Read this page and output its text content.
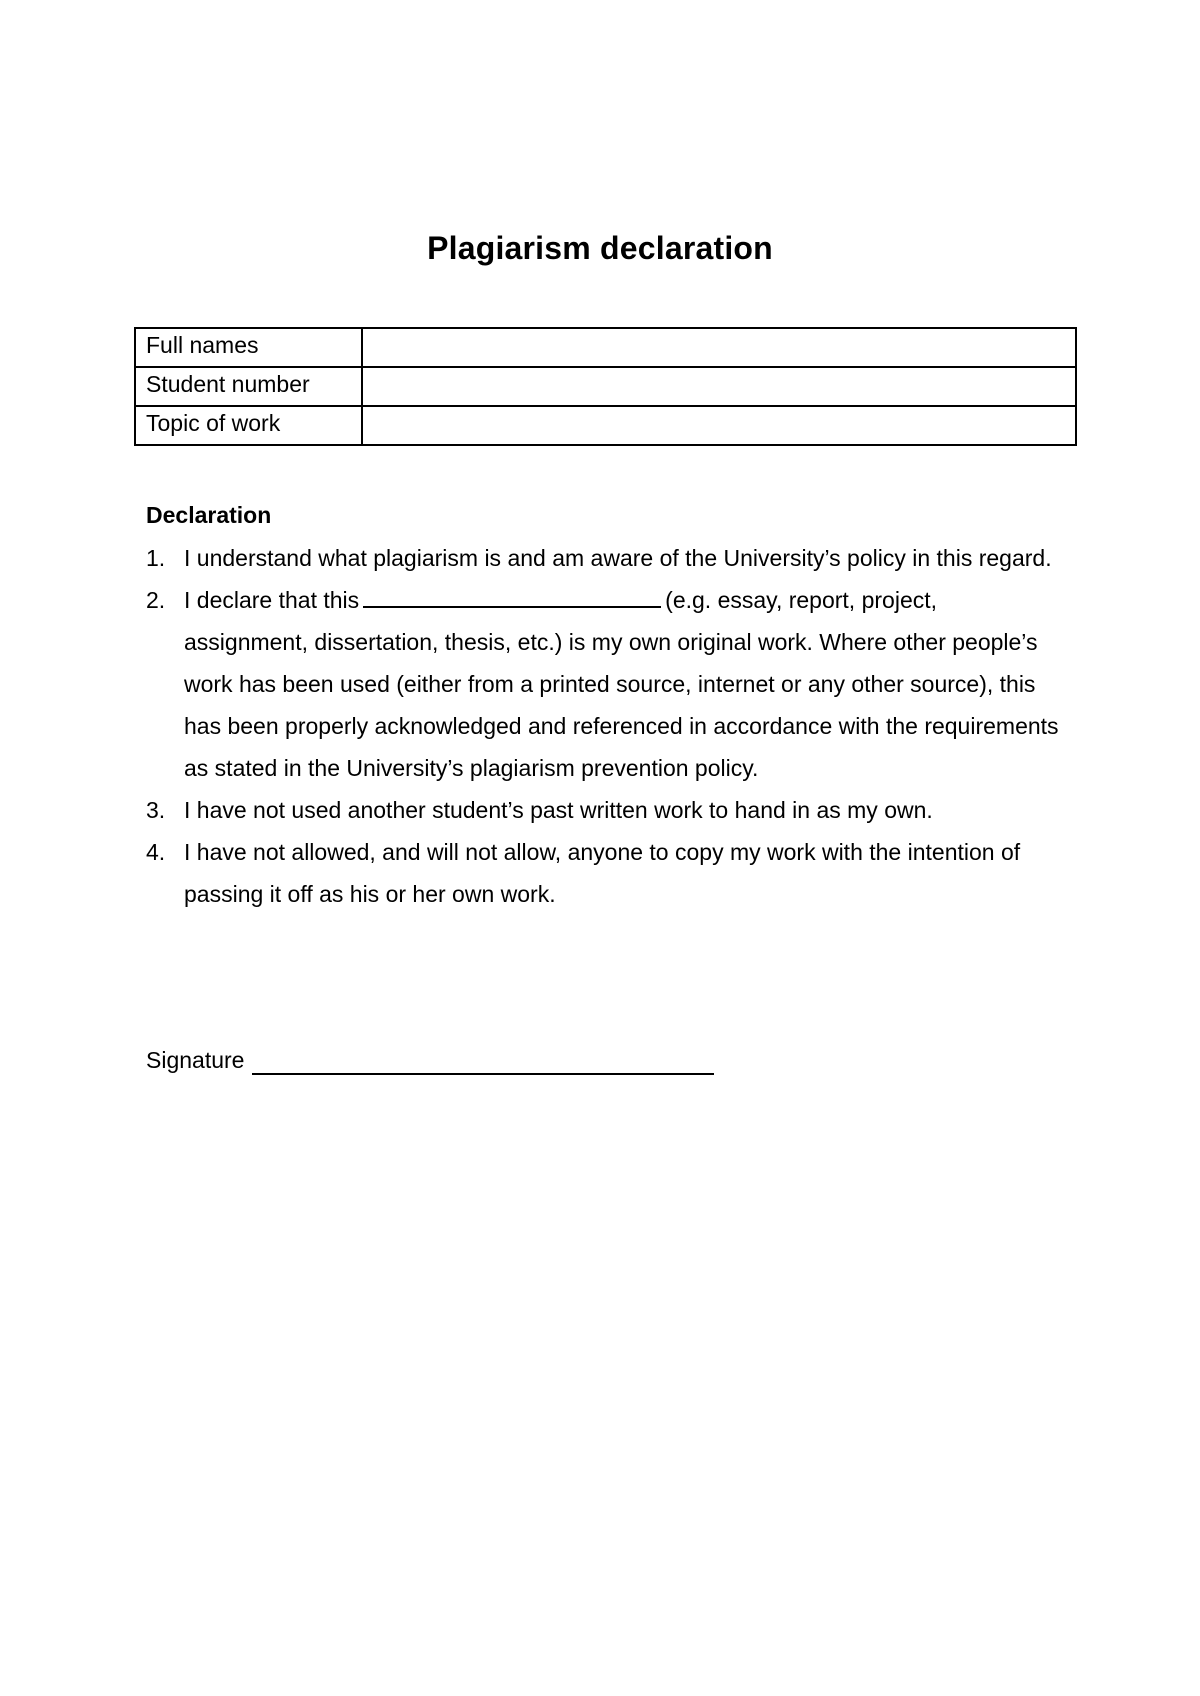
Plagiarism declaration
Full names	
Student number	
Topic of work	
Declaration
1. I understand what plagiarism is and am aware of the University’s policy in this regard.
2. I declare that this	(e.g. essay, report, project, assignment, dissertation, thesis, etc.) is my own original work. Where other people’s work has been used (either from a printed source, internet or any other source), this has been properly acknowledged and referenced in accordance with the requirements as stated in the University’s plagiarism prevention policy.
3. I have not used another student’s past written work to hand in as my own.
4. I have not allowed, and will not allow, anyone to copy my work with the intention of passing it off as his or her own work.
Signature
